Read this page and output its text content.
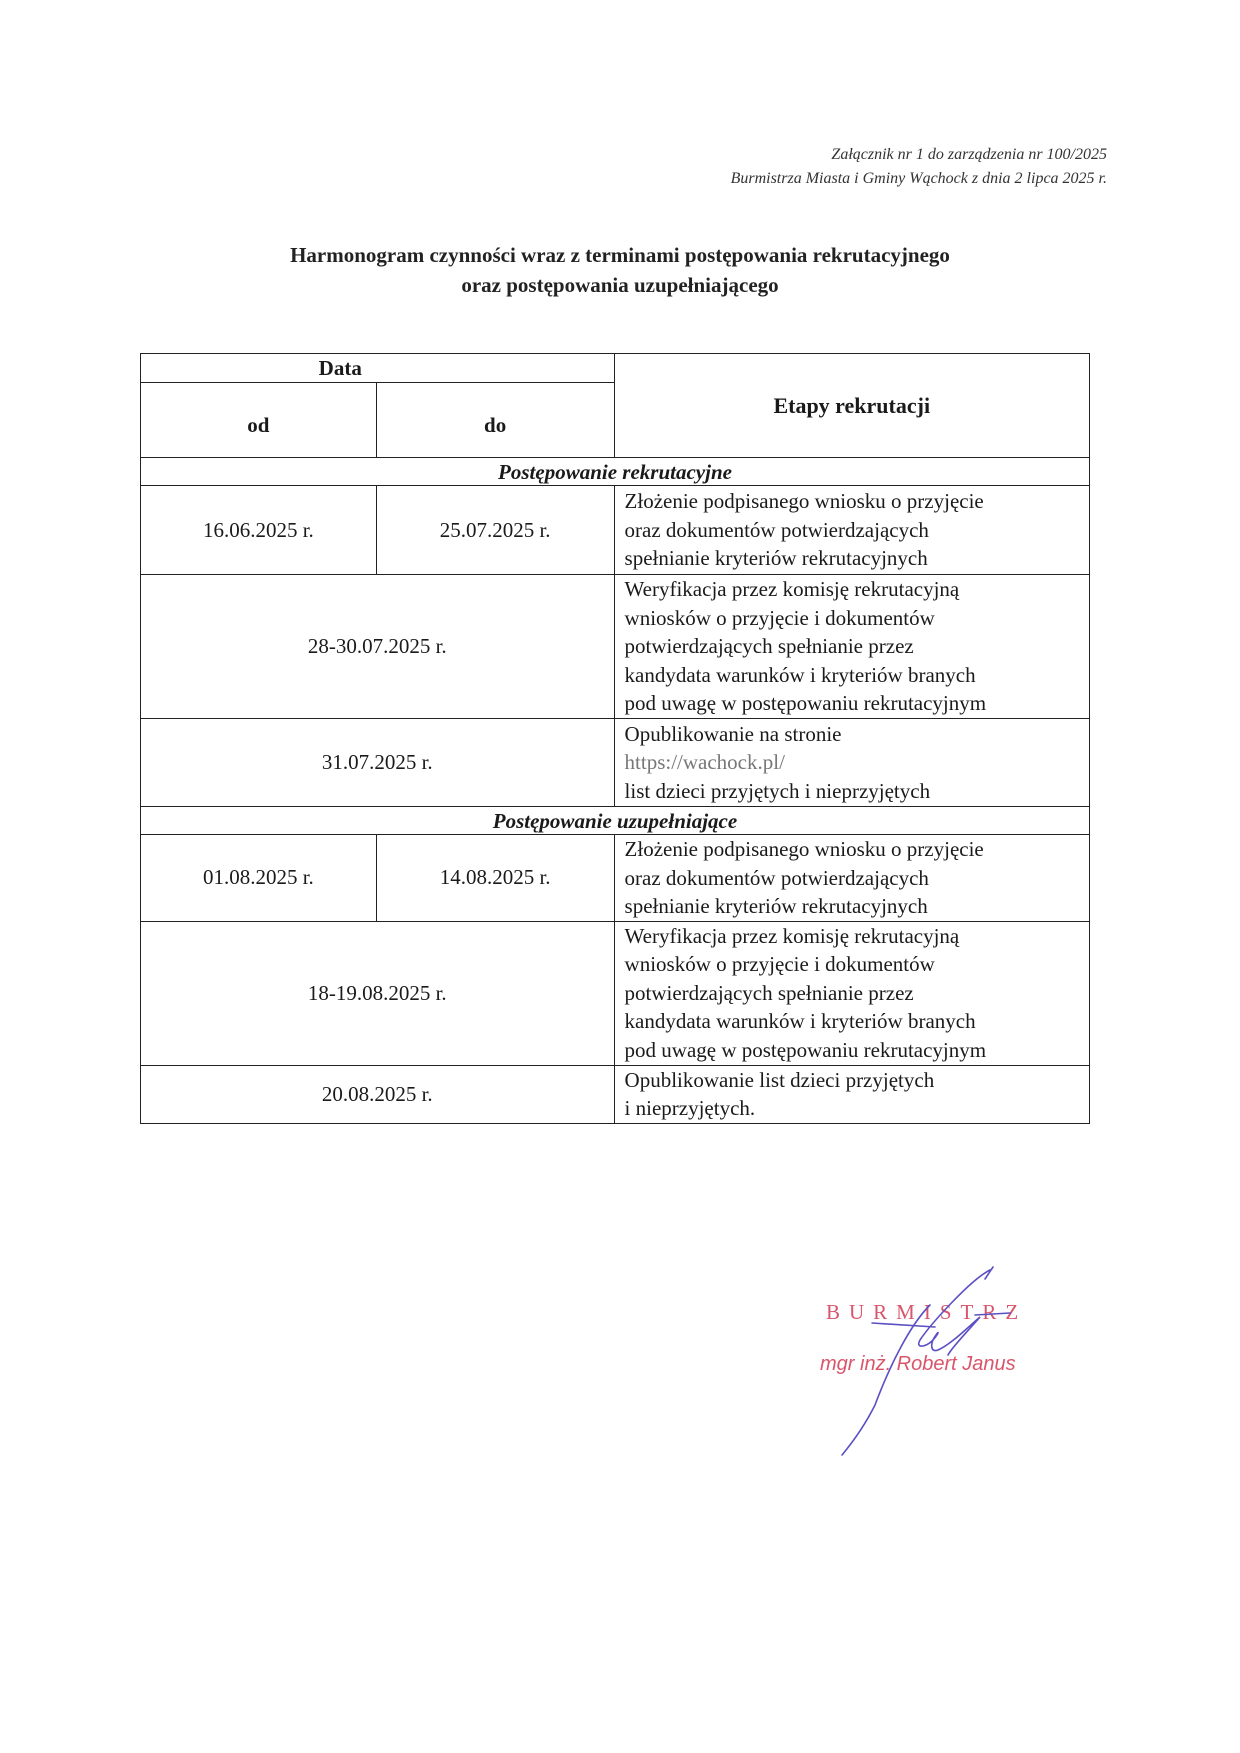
Załącznik nr 1 do zarządzenia nr 100/2025
Burmistrza Miasta i Gminy Wąchock z dnia 2 lipca 2025 r.
Harmonogram czynności wraz z terminami postępowania rekrutacyjnego
oraz postępowania uzupełniającego
Data		Etapy rekrutacji
od	do	
Postępowanie rekrutacyjne		
16.06.2025 r.	25.07.2025 r.	Złożenie podpisanego wniosku o przyjęcie
oraz dokumentów potwierdzających
spełnianie kryteriów rekrutacyjnych

28-30.07.2025 r.		Weryfikacja przez komisję rekrutacyjną
wniosków o przyjęcie i dokumentów
potwierdzających spełnianie przez
kandydata warunków i kryteriów branych
pod uwagę w postępowaniu rekrutacyjnym

31.07.2025 r.		Opublikowanie na stronie
https://wachock.pl/
list dzieci przyjętych i nieprzyjętych

Postępowanie uzupełniające		
01.08.2025 r.	14.08.2025 r.	Złożenie podpisanego wniosku o przyjęcie
oraz dokumentów potwierdzających
spełnianie kryteriów rekrutacyjnych

18-19.08.2025 r.		Weryfikacja przez komisję rekrutacyjną
wniosków o przyjęcie i dokumentów
potwierdzających spełnianie przez
kandydata warunków i kryteriów branych
pod uwagę w postępowaniu rekrutacyjnym

20.08.2025 r.		Opublikowanie list dzieci przyjętych
i nieprzyjętych.
BURMISTRZ
mgr inż. Robert Janus
